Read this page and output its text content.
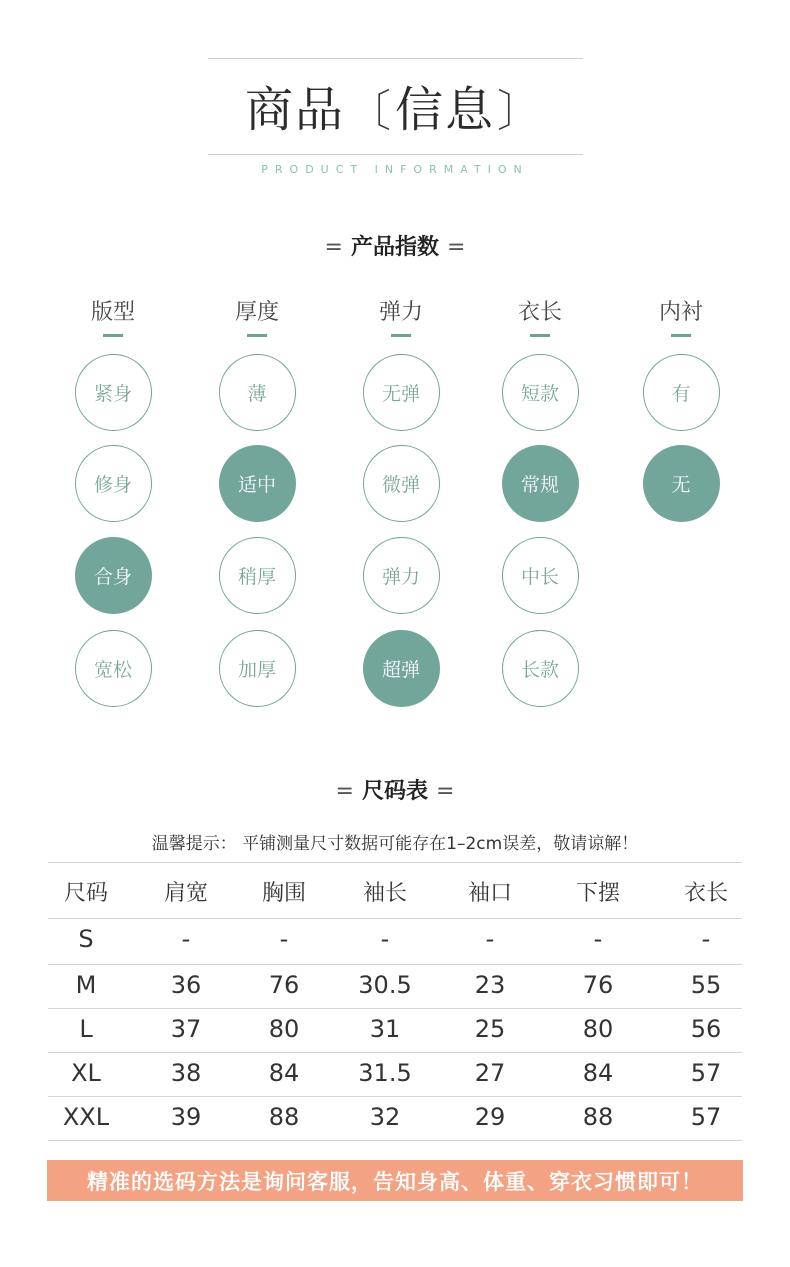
商品〔信息〕
PRODUCT INFORMATION
= 产品指数 =
版型
紧身
修身
合身
宽松
厚度
薄
适中
稍厚
加厚
弹力
无弹
微弹
弹力
超弹
衣长
短款
常规
中长
长款
内衬
有
无
= 尺码表 =
温馨提示： 平铺测量尺寸数据可能存在1–2cm误差，敬请谅解！
尺码	肩宽	胸围	袖长	袖口	下摆	衣长
S	-	-	-	-	-	-
M	36	76	30.5	23	76	55
L	37	80	31	25	80	56
XL	38	84	31.5	27	84	57
XXL	39	88	32	29	88	57
精准的选码方法是询问客服，告知身高、体重、穿衣习惯即可！
